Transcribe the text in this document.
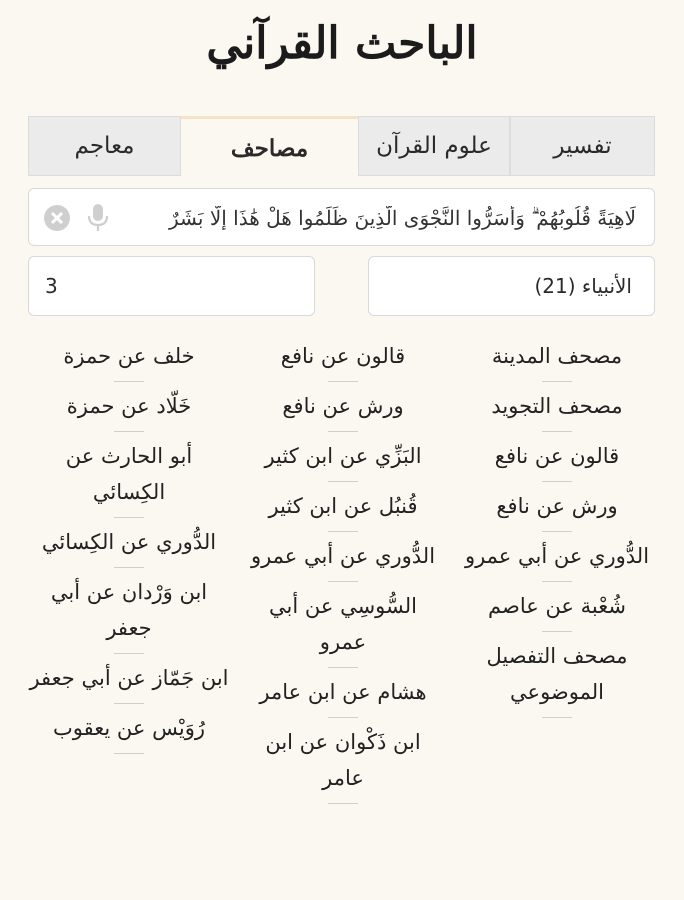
الباحث القرآني
تفسير
علوم القرآن
مصاحف
معاجم
لَاهِيَةً قُلُوبُهُمْ ۗ وَأَسَرُّوا النَّجْوَى الَّذِينَ ظَلَمُوا هَلْ هَٰذَا إِلَّا بَشَرٌ
الأنبياء (21)
3
مصحف المدينة
مصحف التجويد
قالون عن نافع
ورش عن نافع
الدُّوري عن أبي عمرو
شُعْبة عن عاصم
مصحف التفصيل الموضوعي
قالون عن نافع
ورش عن نافع
البَزِّي عن ابن كثير
قُنبُل عن ابن كثير
الدُّوري عن أبي عمرو
السُّوسِي عن أبي عمرو
هشام عن ابن عامر
ابن ذَكْوان عن ابن عامر
خلف عن حمزة
خَلّاد عن حمزة
أبو الحارث عن الكِسائي
الدُّوري عن الكِسائي
ابن وَرْدان عن أبي جعفر
ابن جَمّاز عن أبي جعفر
رُوَيْس عن يعقوب
